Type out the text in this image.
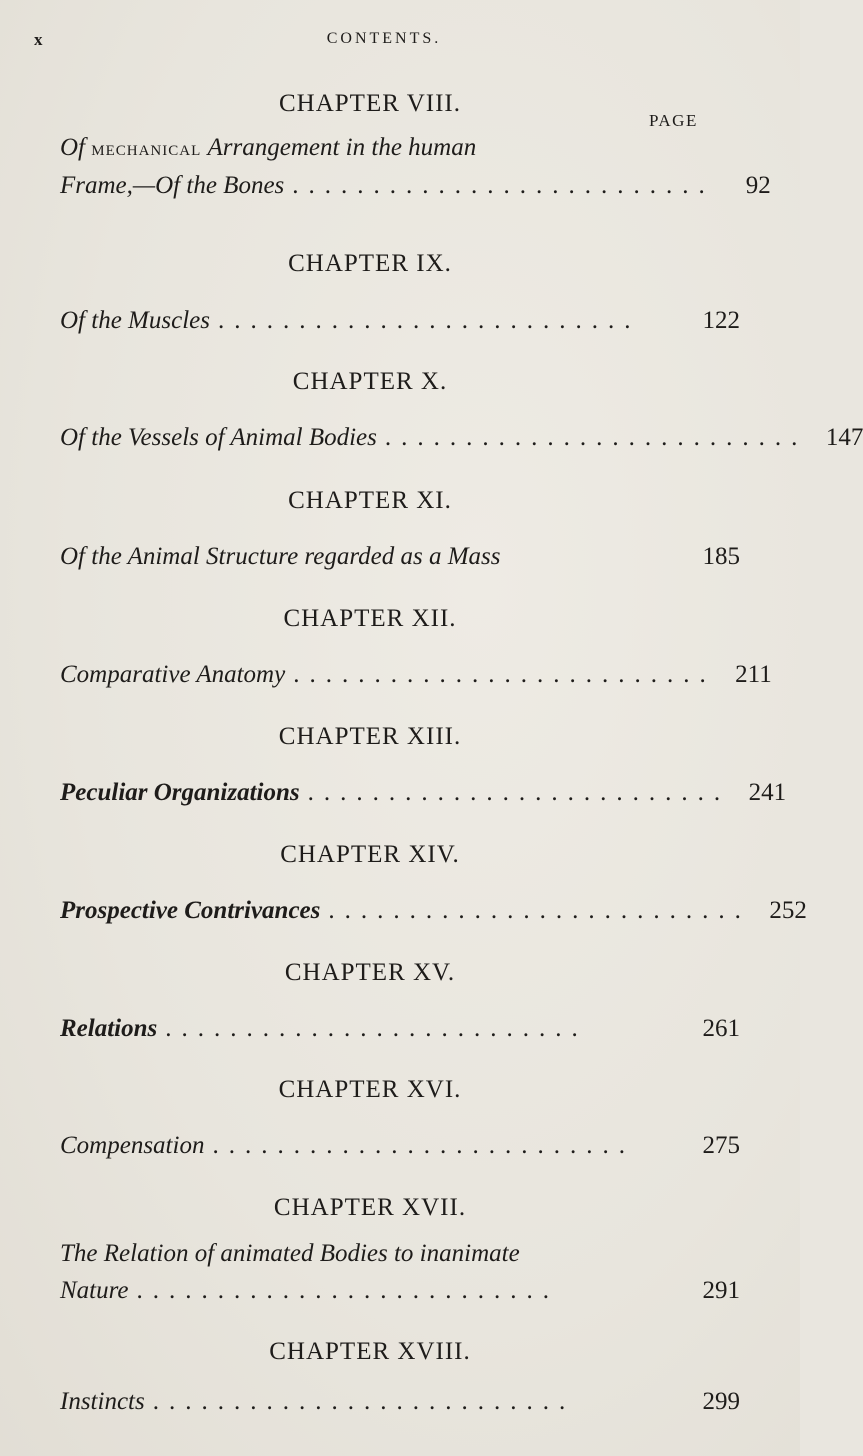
x	CONTENTS.
CHAPTER VIII.
PAGE
Of mechanical Arrangement in the human
Frame,—Of the Bones ..........................	92
CHAPTER IX.
Of the Muscles ..........................	122
CHAPTER X.
Of the Vessels of Animal Bodies .......................... 147
CHAPTER XI.
Of the Animal Structure regarded as a Mass	185
CHAPTER XII.
Comparative Anatomy .......................... 211
CHAPTER XIII.
Peculiar Organizations .......................... 241
CHAPTER XIV.
Prospective Contrivances .......................... 252
CHAPTER XV.
Relations ..........................	261
CHAPTER XVI.
Compensation ..........................	275
CHAPTER XVII.
The Relation of animated Bodies to inanimate
Nature ..........................	291
CHAPTER XVIII.
Instincts ..........................	299
